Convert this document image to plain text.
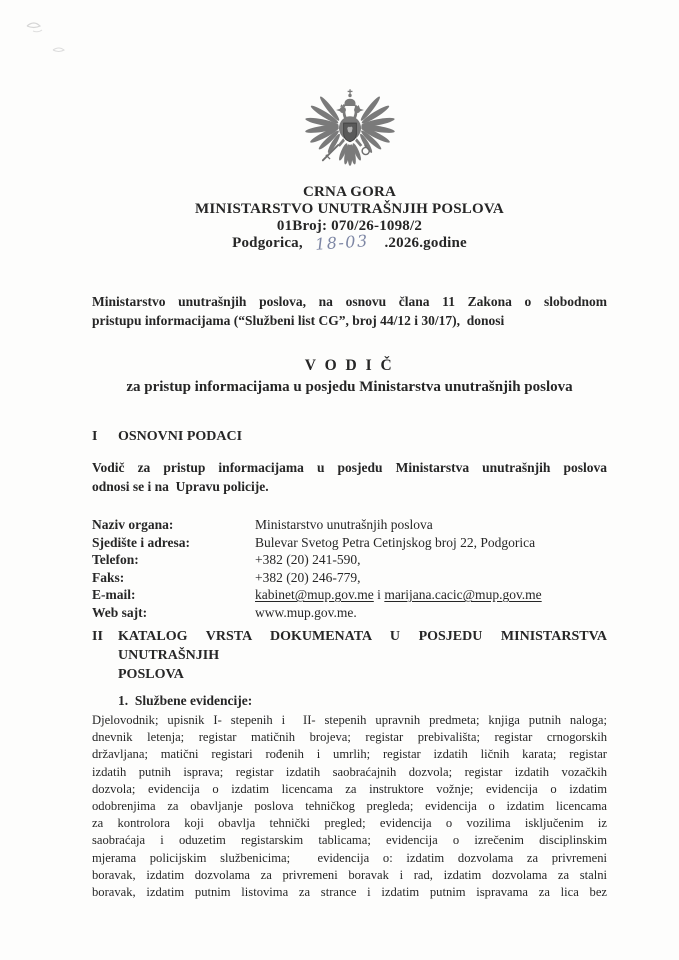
CRNA GORA
MINISTARSTVO UNUTRAŠNJIH POSLOVA
01Broj: 070/26-1098/2
Podgorica, 18-03 .2026.godine
Ministarstvo unutrašnjih poslova, na osnovu člana 11 Zakona o slobodnom
pristupu informacijama (“Službeni list CG”, broj 44/12 i 30/17),  donosi
V O D I Č
za pristup informacijama u posjedu Ministarstva unutrašnjih poslova
I	OSNOVNI PODACI
Vodič za pristup informacijama u posjedu Ministarstva unutrašnjih poslova
odnosi se i na  Upravu policije.
Naziv organa:	Ministarstvo unutrašnjih poslova
Sjedište i adresa:	Bulevar Svetog Petra Cetinjskog broj 22, Podgorica
Telefon:	+382 (20) 241-590,
Faks:	+382 (20) 246-779,
E-mail:	kabinet@mup.gov.me i marijana.cacic@mup.gov.me
Web sajt:	www.mup.gov.me.
II	KATALOG VRSTA DOKUMENATA U POSJEDU MINISTARSTVA UNUTRAŠNJIH
POSLOVA
1.  Službene evidencije:
Djelovodnik; upisnik I- stepenih i  II- stepenih upravnih predmeta; knjiga putnih naloga;
dnevnik letenja; registar matičnih brojeva; registar prebivališta; registar crnogorskih
državljana; matični registari rođenih i umrlih; registar izdatih ličnih karata; registar
izdatih putnih isprava; registar izdatih saobraćajnih dozvola; registar izdatih vozačkih
dozvola; evidencija o izdatim licencama za instruktore vožnje; evidencija o izdatim
odobrenjima za obavljanje poslova tehničkog pregleda; evidencija o izdatim licencama
za kontrolora koji obavlja tehnički pregled; evidencija o vozilima isključenim iz
saobraćaja i oduzetim registarskim tablicama; evidencija o izrečenim disciplinskim
mjerama policijskim službenicima;  evidencija o: izdatim dozvolama za privremeni
boravak, izdatim dozvolama za privremeni boravak i rad, izdatim dozvolama za stalni
boravak, izdatim putnim listovima za strance i izdatim putnim ispravama za lica bez
